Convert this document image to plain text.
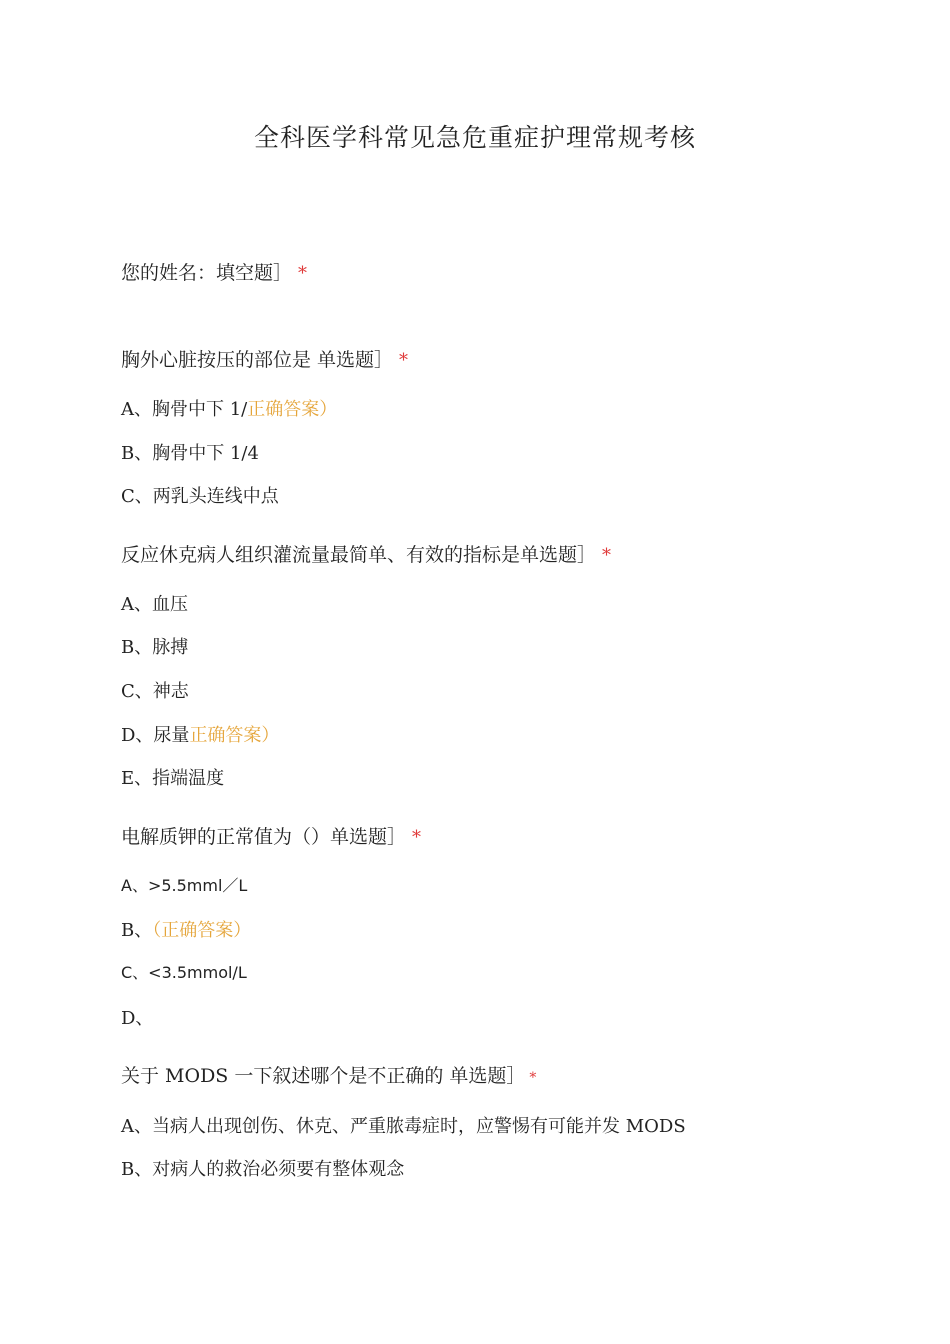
全科医学科常见急危重症护理常规考核
您的姓名：填空题］ *
胸外心脏按压的部位是 单选题］ *
A、胸骨中下 1/正确答案）
B、胸骨中下 1/4
C、两乳头连线中点
反应休克病人组织灌流量最简单、有效的指标是单选题］ *
A、血压
B、脉搏
C、神志
D、尿量正确答案）
E、指端温度
电解质钾的正常值为（）单选题］ *
A、>5.5mml／L
B、（正确答案）
C、<3.5mmol/L
D、
关于 MODS 一下叙述哪个是不正确的 单选题］ *
A、当病人出现创伤、休克、严重脓毒症时，应警惕有可能并发 MODS
B、对病人的救治必须要有整体观念
